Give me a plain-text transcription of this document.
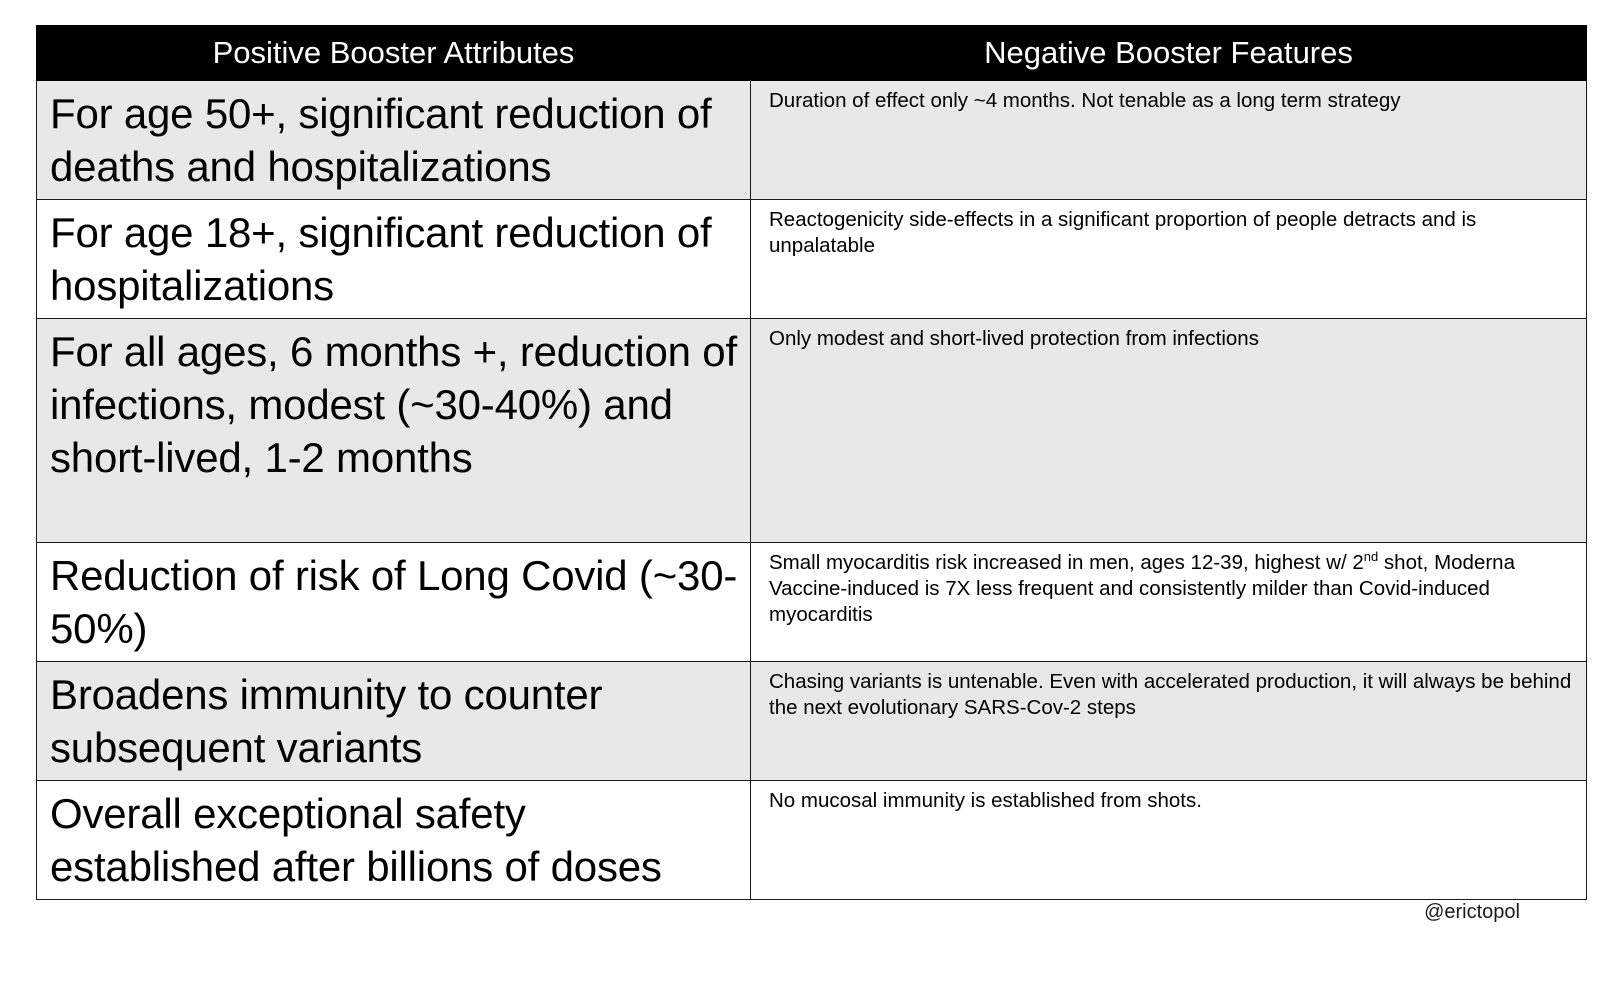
Positive Booster Attributes	Negative Booster Features
For age 50+, significant reduction of deaths and hospitalizations	Duration of effect only ~4 months. Not tenable as a long term strategy
For age 18+, significant reduction of hospitalizations	Reactogenicity side-effects in a significant proportion of people detracts and is unpalatable
For all ages, 6 months +, reduction of infections, modest (~30-40%) and short-lived, 1-2 months	Only modest and short-lived protection from infections
Reduction of risk of Long Covid (~30-50%)	Small myocarditis risk increased in men, ages 12-39, highest w/ 2nd shot, Moderna
Vaccine-induced is 7X less frequent and consistently milder than Covid-induced myocarditis

Broadens immunity to counter subsequent variants	Chasing variants is untenable. Even with accelerated production, it will always be behind the next evolutionary SARS-Cov-2 steps
Overall exceptional safety established after billions of doses	No mucosal immunity is established from shots.
@erictopol
